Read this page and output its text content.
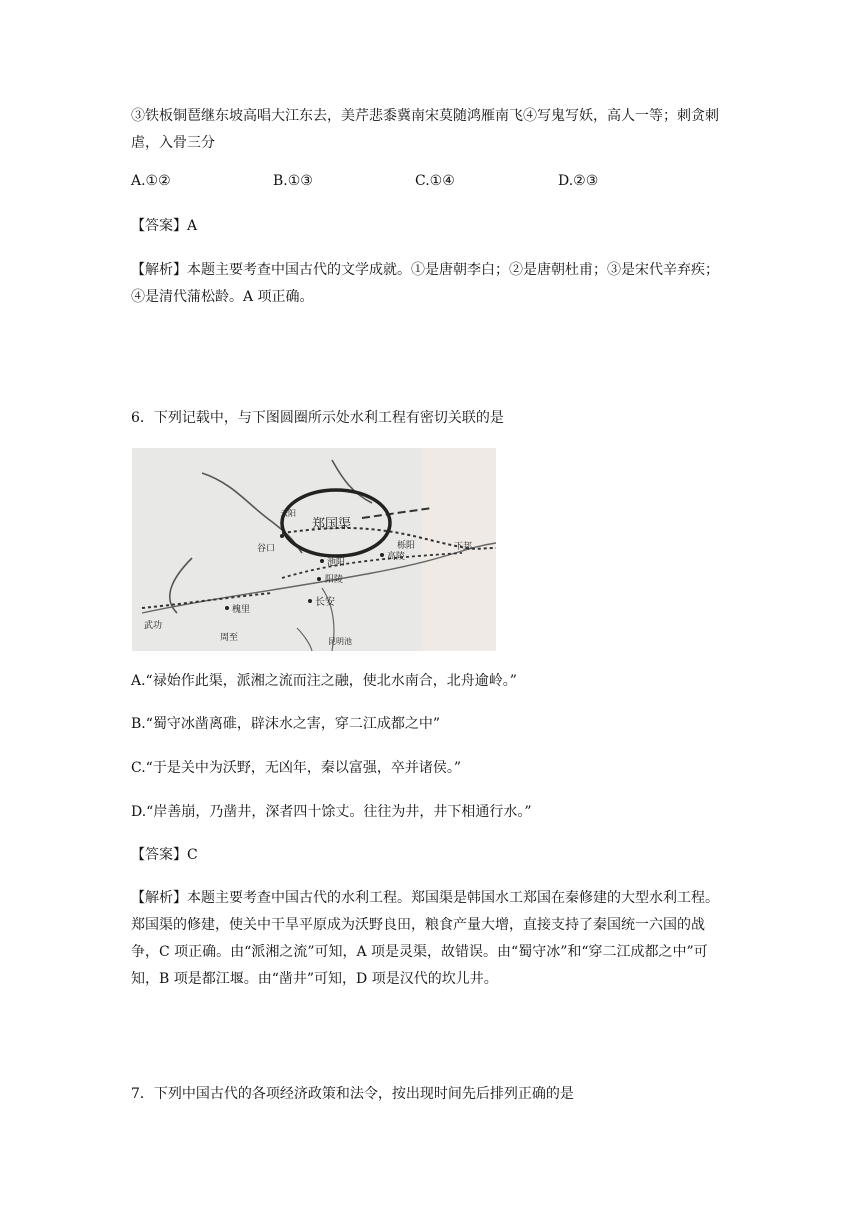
③铁板铜琶继东坡高唱大江东去，美芹悲黍冀南宋莫随鸿雁南飞④写鬼写妖，高人一等；刺贪刺虐，入骨三分
A.①②	B.①③	C.①④	D.②③
【答案】A
【解析】本题主要考查中国古代的文学成就。①是唐朝李白；②是唐朝杜甫；③是宋代辛弃疾；④是清代蒲松龄。A 项正确。
6．下列记载中，与下图圆圈所示处水利工程有密切关联的是
郑国渠
云阳
谷口
池阳
高陵
栎阳
阳陵
长安
下邽
槐里
武功
周至	昆明池
A.“禄始作此渠，派湘之流而注之融，使北水南合，北舟逾岭。”
B.“蜀守冰凿离碓，辟沫水之害，穿二江成都之中”
C.“于是关中为沃野，无凶年，秦以富强，卒并诸侯。”
D.“岸善崩，乃凿井，深者四十馀丈。往往为井，井下相通行水。”
【答案】C
【解析】本题主要考查中国古代的水利工程。郑国渠是韩国水工郑国在秦修建的大型水利工程。郑国渠的修建，使关中干旱平原成为沃野良田，粮食产量大增，直接支持了秦国统一六国的战争，C 项正确。由“派湘之流”可知，A 项是灵渠，故错误。由“蜀守冰”和“穿二江成都之中”可知，B 项是都江堰。由“凿井”可知，D 项是汉代的坎儿井。
7．下列中国古代的各项经济政策和法令，按出现时间先后排列正确的是
